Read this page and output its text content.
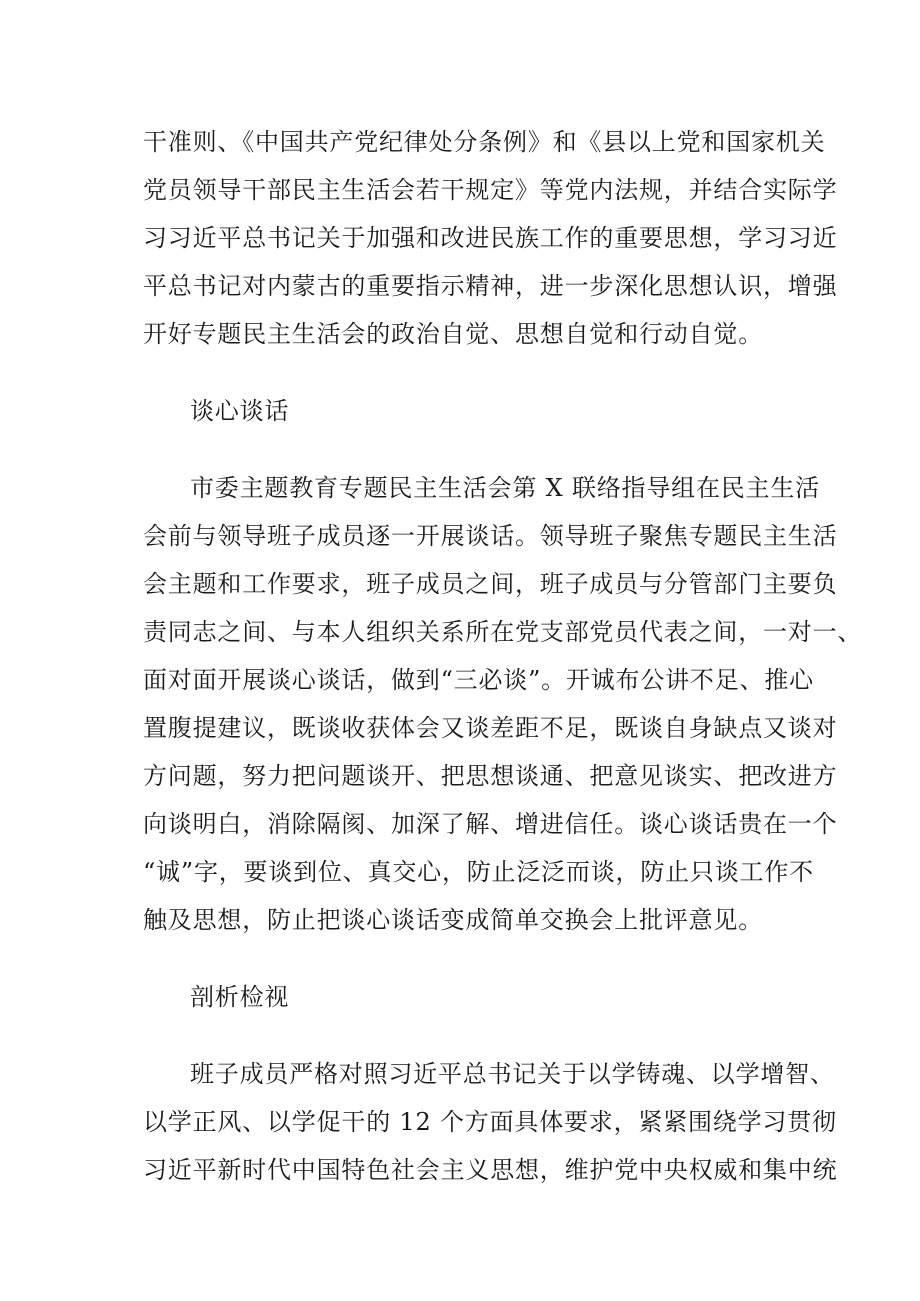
干准则、《中国共产党纪律处分条例》和《县以上党和国家机关
党员领导干部民主生活会若干规定》等党内法规，并结合实际学
习习近平总书记关于加强和改进民族工作的重要思想，学习习近
平总书记对内蒙古的重要指示精神，进一步深化思想认识，增强
开好专题民主生活会的政治自觉、思想自觉和行动自觉。
谈心谈话
市委主题教育专题民主生活会第 X 联络指导组在民主生活
会前与领导班子成员逐一开展谈话。领导班子聚焦专题民主生活
会主题和工作要求，班子成员之间，班子成员与分管部门主要负
责同志之间、与本人组织关系所在党支部党员代表之间，一对一、
面对面开展谈心谈话，做到“三必谈”。开诚布公讲不足、推心
置腹提建议，既谈收获体会又谈差距不足，既谈自身缺点又谈对
方问题，努力把问题谈开、把思想谈通、把意见谈实、把改进方
向谈明白，消除隔阂、加深了解、增进信任。谈心谈话贵在一个
“诚”字，要谈到位、真交心，防止泛泛而谈，防止只谈工作不
触及思想，防止把谈心谈话变成简单交换会上批评意见。
剖析检视
班子成员严格对照习近平总书记关于以学铸魂、以学增智、
以学正风、以学促干的 12 个方面具体要求，紧紧围绕学习贯彻
习近平新时代中国特色社会主义思想，维护党中央权威和集中统
